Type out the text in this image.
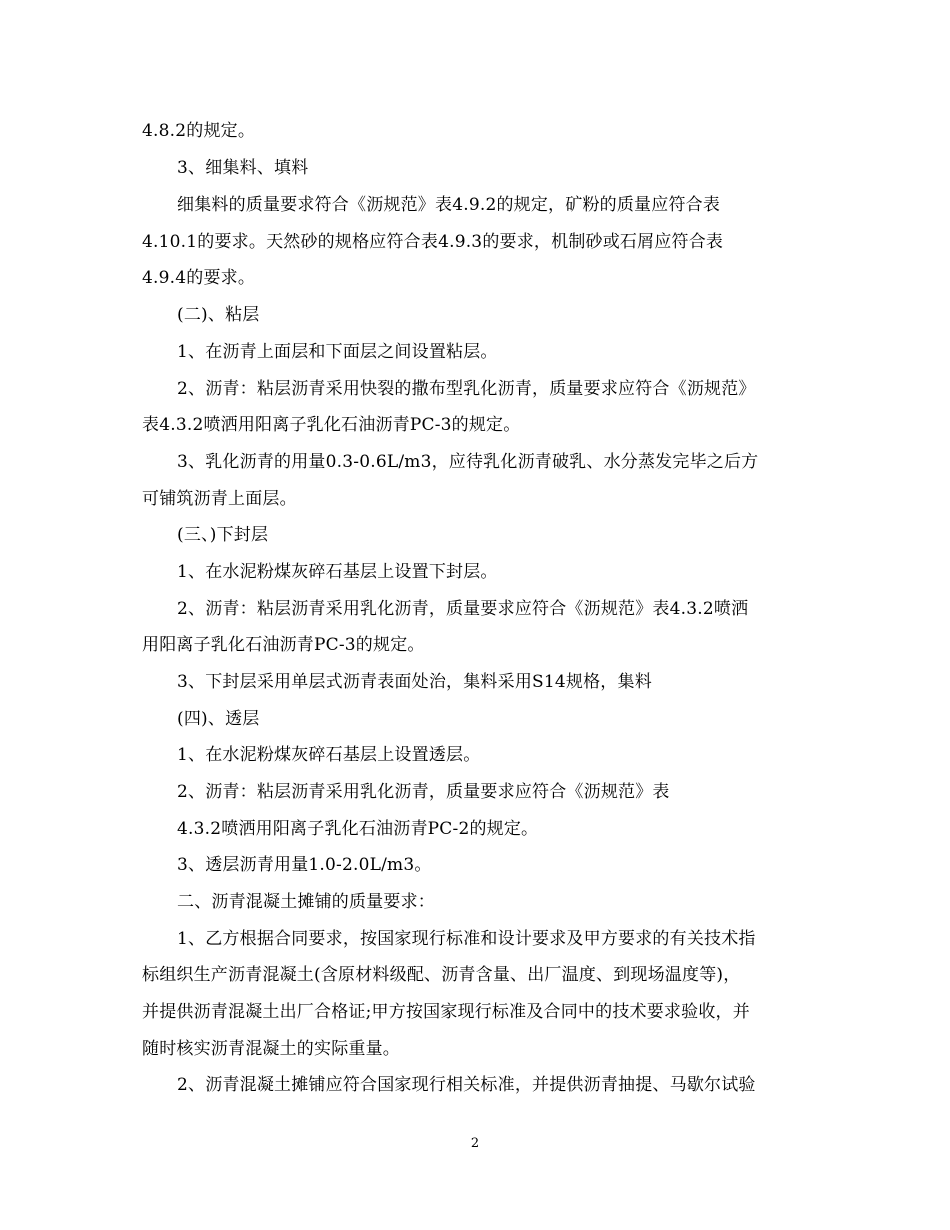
4.8.2的规定。
3、细集料、填料
细集料的质量要求符合《沥规范》表4.9.2的规定，矿粉的质量应符合表
4.10.1的要求。天然砂的规格应符合表4.9.3的要求，机制砂或石屑应符合表
4.9.4的要求。
(二)、粘层
1、在沥青上面层和下面层之间设置粘层。
2、沥青：粘层沥青采用快裂的撒布型乳化沥青，质量要求应符合《沥规范》
表4.3.2喷洒用阳离子乳化石油沥青PC-3的规定。
3、乳化沥青的用量0.3-0.6L/m3，应待乳化沥青破乳、水分蒸发完毕之后方
可铺筑沥青上面层。
(三、)下封层
1、在水泥粉煤灰碎石基层上设置下封层。
2、沥青：粘层沥青采用乳化沥青，质量要求应符合《沥规范》表4.3.2喷洒
用阳离子乳化石油沥青PC-3的规定。
3、下封层采用单层式沥青表面处治，集料采用S14规格，集料
(四)、透层
1、在水泥粉煤灰碎石基层上设置透层。
2、沥青：粘层沥青采用乳化沥青，质量要求应符合《沥规范》表
4.3.2喷洒用阳离子乳化石油沥青PC-2的规定。
3、透层沥青用量1.0-2.0L/m3。
二、沥青混凝土摊铺的质量要求：
1、乙方根据合同要求，按国家现行标准和设计要求及甲方要求的有关技术指
标组织生产沥青混凝土(含原材料级配、沥青含量、出厂温度、到现场温度等)，
并提供沥青混凝土出厂合格证;甲方按国家现行标准及合同中的技术要求验收，并
随时核实沥青混凝土的实际重量。
2、沥青混凝土摊铺应符合国家现行相关标准，并提供沥青抽提、马歇尔试验
2
